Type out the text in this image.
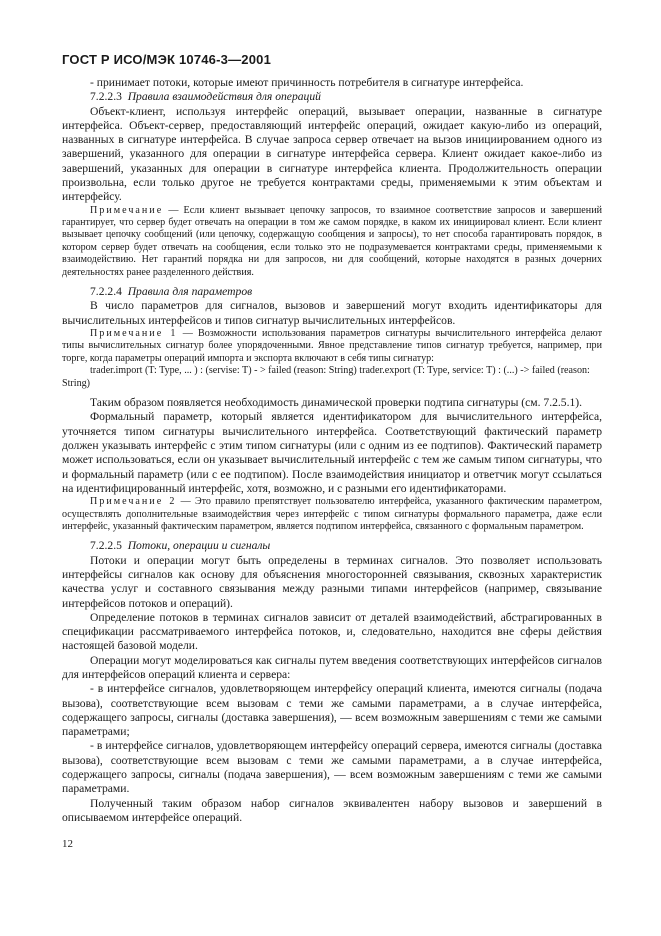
ГОСТ Р ИСО/МЭК 10746-3—2001

- принимает потоки, которые имеют причинность потребителя в сигнатуре интерфейса.

7.2.2.3 Правила взаимодействия для операций

Объект-клиент, используя интерфейс операций, вызывает операции, названные в сигнатуре интерфейса. Объект-сервер, предоставляющий интерфейс операций, ожидает какую-либо из операций, названных в сигнатуре интерфейса. В случае запроса сервер отвечает на вызов инициированием одного из завершений, указанного для операции в сигнатуре интерфейса сервера. Клиент ожидает какое-либо из завершений, указанных для операции в сигнатуре интерфейса клиента. Продолжительность операции произвольна, если только другое не требуется контрактами среды, применяемыми к этим объектам и интерфейсу.

Примечание — Если клиент вызывает цепочку запросов, то взаимное соответствие запросов и завершений гарантирует, что сервер будет отвечать на операции в том же самом порядке, в каком их инициировал клиент. Если клиент вызывает цепочку сообщений (или цепочку, содержащую сообщения и запросы), то нет способа гарантировать порядок, в котором сервер будет отвечать на сообщения, если только это не подразумевается контрактами среды, применяемыми к взаимодействию. Нет гарантий порядка ни для запросов, ни для сообщений, которые находятся в разных дочерних деятельностях ранее разделенного действия.

7.2.2.4 Правила для параметров

В число параметров для сигналов, вызовов и завершений могут входить идентификаторы для вычислительных интерфейсов и типов сигнатур вычислительных интерфейсов.

Примечание 1 — Возможности использования параметров сигнатуры вычислительного интерфейса делают типы вычислительных сигнатур более упорядоченными. Явное представление типов сигнатур требуется, например, при торге, когда параметры операций импорта и экспорта включают в себя типы сигнатур:

trader.import (T: Type, ... ) : (servise: T) - > failed (reason: String) trader.export (T: Type, service: T) : (...) -> failed (reason: String)

Таким образом появляется необходимость динамической проверки подтипа сигнатуры (см. 7.2.5.1).

Формальный параметр, который является идентификатором для вычислительного интерфейса, уточняется типом сигнатуры вычислительного интерфейса. Соответствующий фактический параметр должен указывать интерфейс с этим типом сигнатуры (или с одним из ее подтипов). Фактический параметр может использоваться, если он указывает вычислительный интерфейс с тем же самым типом сигнатуры, что и формальный параметр (или с ее подтипом). После взаимодействия инициатор и ответчик могут ссылаться на идентифицированный интерфейс, хотя, возможно, и с разными его идентификаторами.

Примечание 2 — Это правило препятствует пользователю интерфейса, указанного фактическим параметром, осуществлять дополнительные взаимодействия через интерфейс с типом сигнатуры формального параметра, даже если интерфейс, указанный фактическим параметром, является подтипом интерфейса, связанного с формальным параметром.

7.2.2.5 Потоки, операции и сигналы

Потоки и операции могут быть определены в терминах сигналов. Это позволяет использовать интерфейсы сигналов как основу для объяснения многосторонней связывания, сквозных характеристик качества услуг и составного связывания между разными типами интерфейсов (например, связывание интерфейсов потоков и операций).

Определение потоков в терминах сигналов зависит от деталей взаимодействий, абстрагированных в спецификации рассматриваемого интерфейса потоков, и, следовательно, находится вне сферы действия настоящей базовой модели.

Операции могут моделироваться как сигналы путем введения соответствующих интерфейсов сигналов для интерфейсов операций клиента и сервера:

- в интерфейсе сигналов, удовлетворяющем интерфейсу операций клиента, имеются сигналы (подача вызова), соответствующие всем вызовам с теми же самыми параметрами, а в случае интерфейса, содержащего запросы, сигналы (доставка завершения), — всем возможным завершениям с теми же самыми параметрами;

- в интерфейсе сигналов, удовлетворяющем интерфейсу операций сервера, имеются сигналы (доставка вызова), соответствующие всем вызовам с теми же самыми параметрами, а в случае интерфейса, содержащего запросы, сигналы (подача завершения), — всем возможным завершениям с теми же самыми параметрами.

Полученный таким образом набор сигналов эквивалентен набору вызовов и завершений в описываемом интерфейсе операций.

12
